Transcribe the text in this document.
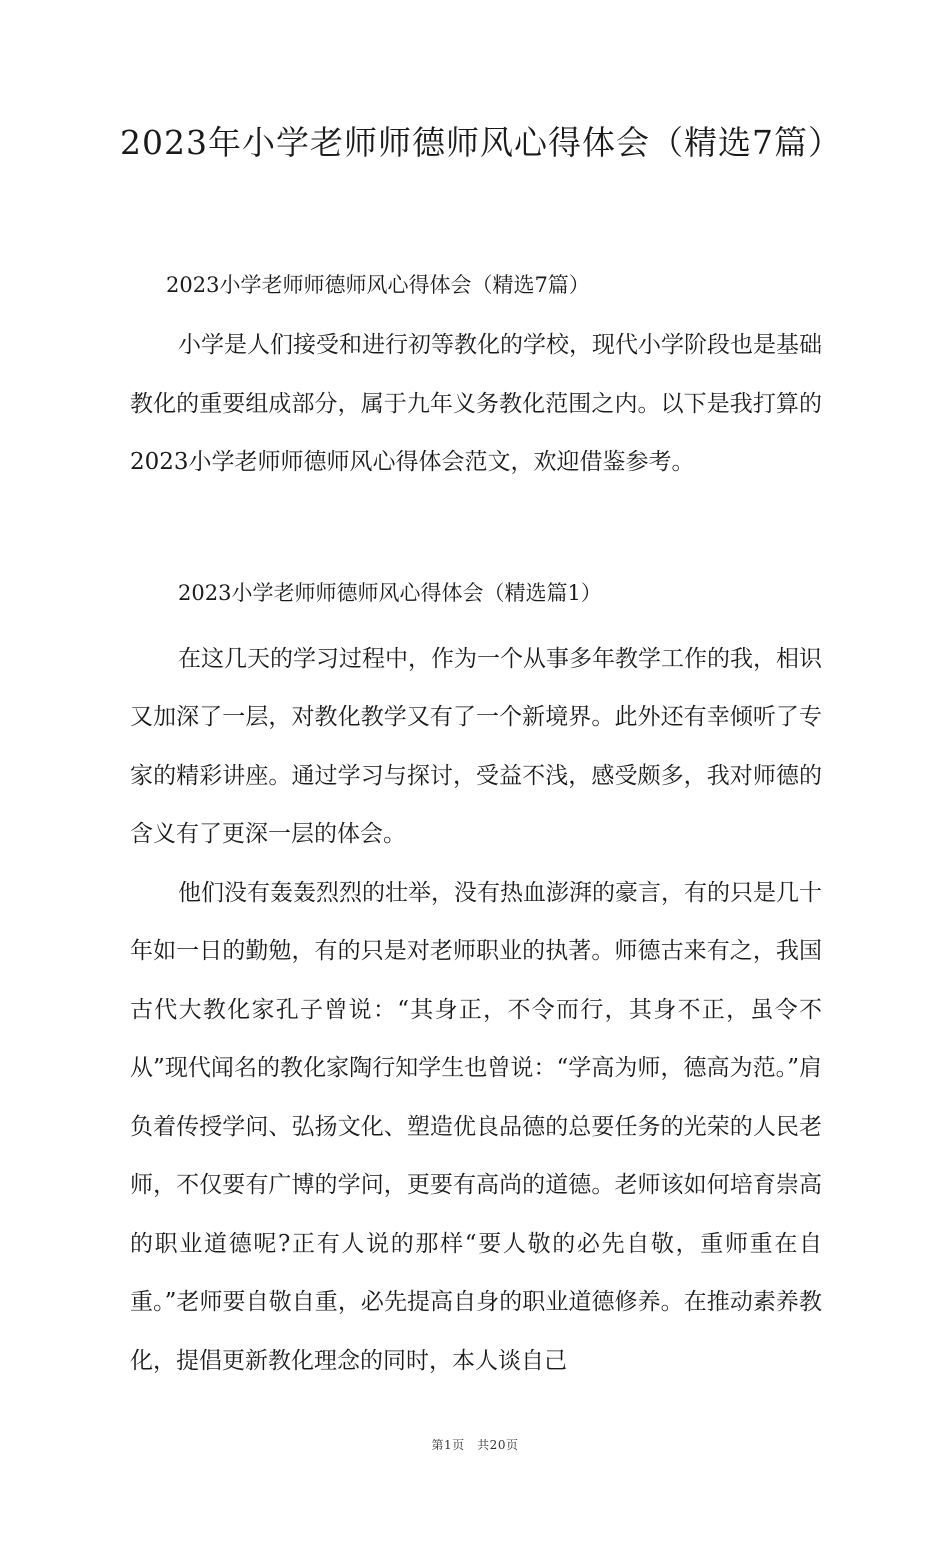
2023年小学老师师德师风心得体会（精选7篇）

2023小学老师师德师风心得体会（精选7篇）

小学是人们接受和进行初等教化的学校，现代小学阶段也是基础教化的重要组成部分，属于九年义务教化范围之内。以下是我打算的2023小学老师师德师风心得体会范文，欢迎借鉴参考。

2023小学老师师德师风心得体会（精选篇1）

在这几天的学习过程中，作为一个从事多年教学工作的我，相识又加深了一层，对教化教学又有了一个新境界。此外还有幸倾听了专家的精彩讲座。通过学习与探讨，受益不浅，感受颇多，我对师德的含义有了更深一层的体会。

他们没有轰轰烈烈的壮举，没有热血澎湃的豪言，有的只是几十年如一日的勤勉，有的只是对老师职业的执著。师德古来有之，我国古代大教化家孔子曾说：“其身正，不令而行，其身不正，虽令不从”现代闻名的教化家陶行知学生也曾说：“学高为师，德高为范。”肩负着传授学问、弘扬文化、塑造优良品德的总要任务的光荣的人民老师，不仅要有广博的学问，更要有高尚的道德。老师该如何培育崇高的职业道德呢?正有人说的那样“要人敬的必先自敬，重师重在自重。”老师要自敬自重，必先提高自身的职业道德修养。在推动素养教化，提倡更新教化理念的同时，本人谈自己

第1页　共20页
